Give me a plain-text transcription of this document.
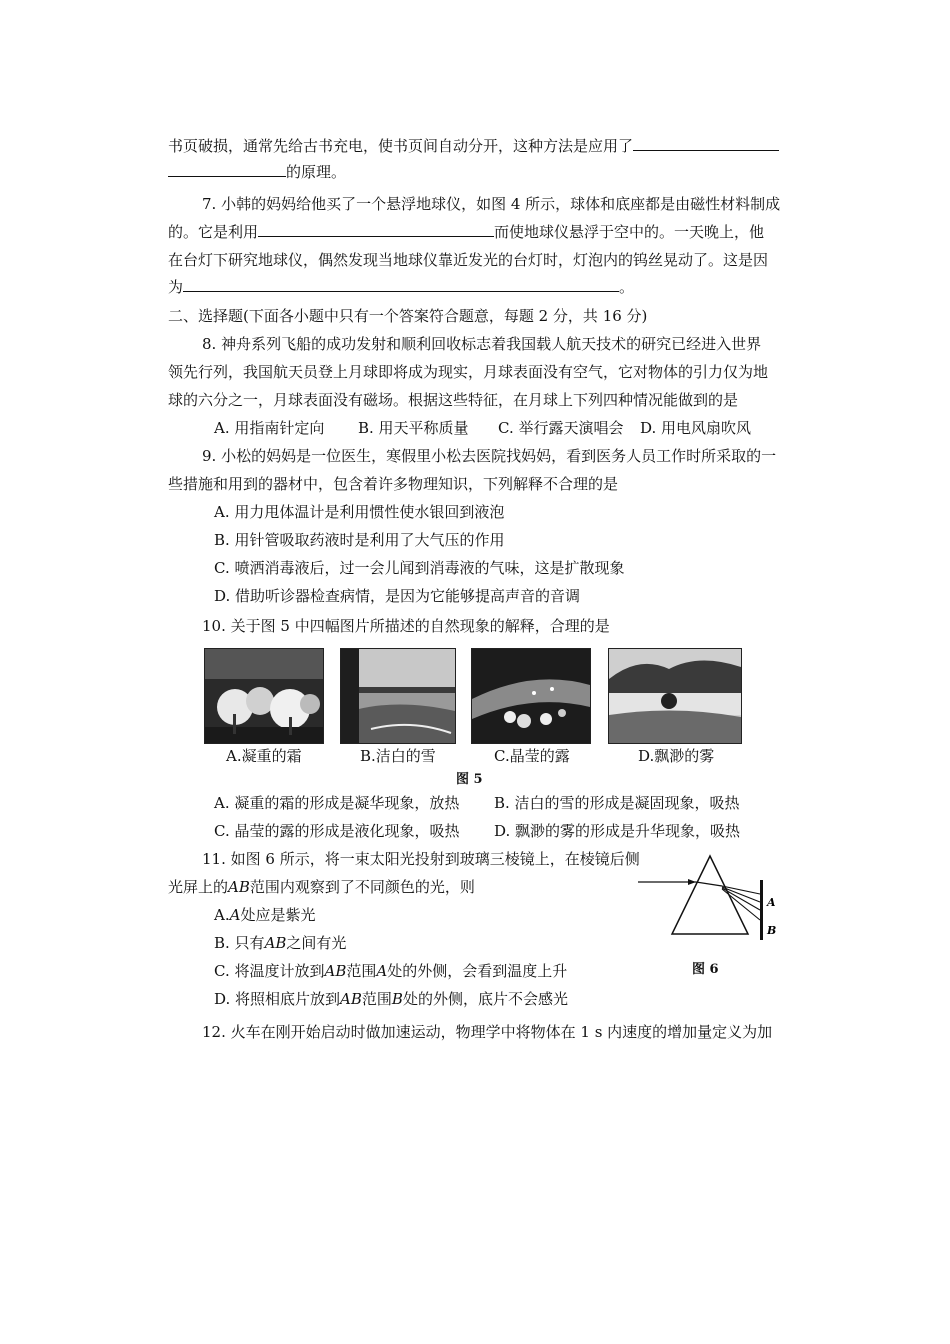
书页破损，通常先给古书充电，使书页间自动分开，这种方法是应用了
的原理。
7. 小韩的妈妈给他买了一个悬浮地球仪，如图 4 所示，球体和底座都是由磁性材料制成
的。它是利用	而使地球仪悬浮于空中的。一天晚上，他
在台灯下研究地球仪，偶然发现当地球仪靠近发光的台灯时，灯泡内的钨丝晃动了。这是因
为	。
二、选择题(下面各小题中只有一个答案符合题意，每题 2 分，共 16 分)
8. 神舟系列飞船的成功发射和顺利回收标志着我国载人航天技术的研究已经进入世界
领先行列，我国航天员登上月球即将成为现实，月球表面没有空气，它对物体的引力仅为地
球的六分之一，月球表面没有磁场。根据这些特征，在月球上下列四种情况能做到的是
A. 用指南针定向 B. 用天平称质量 C. 举行露天演唱会 D. 用电风扇吹风
9. 小松的妈妈是一位医生，寒假里小松去医院找妈妈，看到医务人员工作时所采取的一
些措施和用到的器材中，包含着许多物理知识，下列解释不合理的是
A. 用力甩体温计是利用惯性使水银回到液泡
B. 用针管吸取药液时是利用了大气压的作用
C. 喷洒消毒液后，过一会儿闻到消毒液的气味，这是扩散现象
D. 借助听诊器检查病情，是因为它能够提高声音的音调
10. 关于图 5 中四幅图片所描述的自然现象的解释，合理的是
A.凝重的霜	B.洁白的雪	C.晶莹的露	D.飘渺的雾
图 5
A. 凝重的霜的形成是凝华现象，放热 B. 洁白的雪的形成是凝固现象，吸热
C. 晶莹的露的形成是液化现象，吸热 D. 飘渺的雾的形成是升华现象，吸热
11. 如图 6 所示，将一束太阳光投射到玻璃三棱镜上，在棱镜后侧
光屏上的AB范围内观察到了不同颜色的光，则
A.A处应是紫光
B. 只有AB之间有光
C. 将温度计放到AB范围A处的外侧，会看到温度上升
D. 将照相底片放到AB范围B处的外侧，底片不会感光
A
B
图 6
12. 火车在刚开始启动时做加速运动，物理学中将物体在 1 s 内速度的增加量定义为加
